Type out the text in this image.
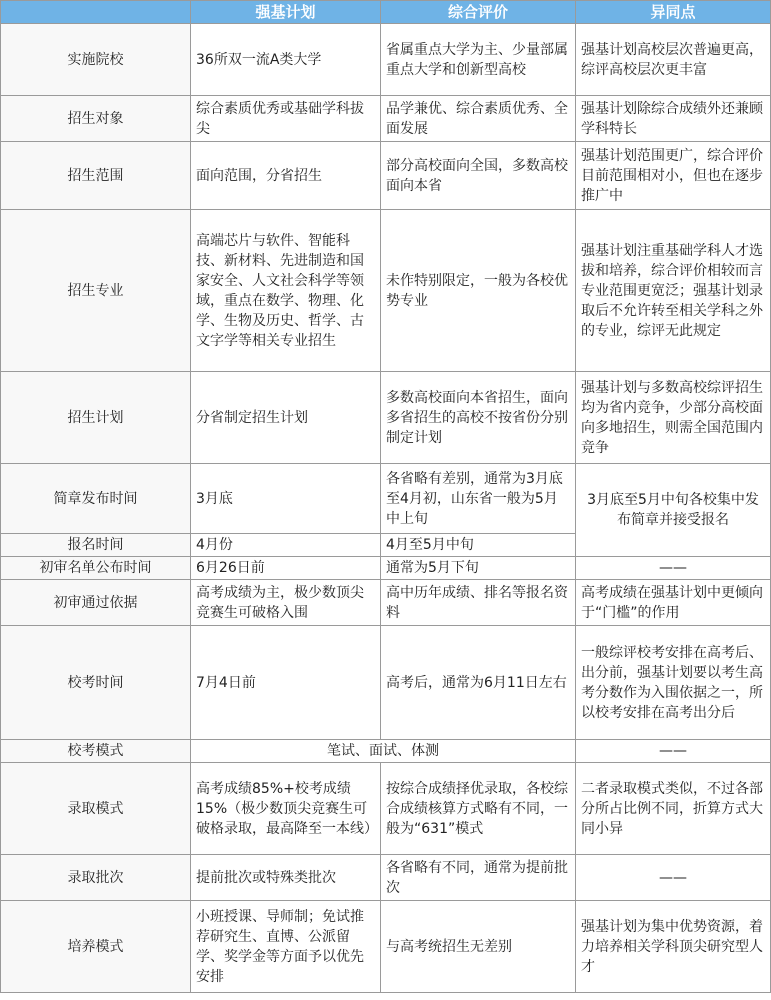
	强基计划	综合评价	异同点
实施院校	36所双一流A类大学	省属重点大学为主、少量部属重点大学和创新型高校	强基计划高校层次普遍更高，综评高校层次更丰富
招生对象	综合素质优秀或基础学科拔尖	品学兼优、综合素质优秀、全面发展	强基计划除综合成绩外还兼顾学科特长
招生范围	面向范围，分省招生	部分高校面向全国，多数高校面向本省	强基计划范围更广，综合评价目前范围相对小，但也在逐步推广中
招生专业	高端芯片与软件、智能科技、新材料、先进制造和国家安全、人文社会科学等领域，重点在数学、物理、化学、生物及历史、哲学、古文字学等相关专业招生	未作特别限定，一般为各校优势专业	强基计划注重基础学科人才选拔和培养，综合评价相较而言专业范围更宽泛；强基计划录取后不允许转至相关学科之外的专业，综评无此规定
招生计划	分省制定招生计划	多数高校面向本省招生，面向多省招生的高校不按省份分别制定计划	强基计划与多数高校综评招生均为省内竞争，少部分高校面向多地招生，则需全国范围内竞争
简章发布时间	3月底	各省略有差别，通常为3月底至4月初，山东省一般为5月中上旬	3月底至5月中旬各校集中发布简章并接受报名
报名时间	4月份	4月至5月中旬	
初审名单公布时间	6月26日前	通常为5月下旬	——
初审通过依据	高考成绩为主，极少数顶尖竞赛生可破格入围	高中历年成绩、排名等报名资料	高考成绩在强基计划中更倾向于“门槛”的作用
校考时间	7月4日前	高考后，通常为6月11日左右	一般综评校考安排在高考后、出分前，强基计划要以考生高考分数作为入围依据之一，所以校考安排在高考出分后
校考模式	笔试、面试、体测		——
录取模式	高考成绩85%+校考成绩15%（极少数顶尖竞赛生可破格录取，最高降至一本线）	按综合成绩择优录取，各校综合成绩核算方式略有不同，一般为“631”模式	二者录取模式类似，不过各部分所占比例不同，折算方式大同小异
录取批次	提前批次或特殊类批次	各省略有不同，通常为提前批次	——
培养模式	小班授课、导师制；免试推荐研究生、直博、公派留学、奖学金等方面予以优先安排	与高考统招生无差别	强基计划为集中优势资源，着力培养相关学科顶尖研究型人才
